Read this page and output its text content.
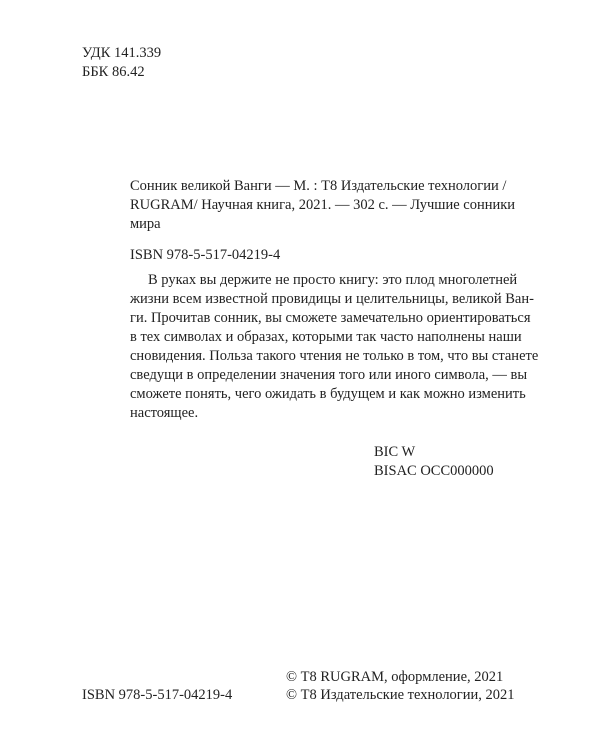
УДК 141.339
ББК 86.42
Сонник великой Ванги — М. : Т8 Издательские технологии /
RUGRAM/ Научная книга, 2021. — 302 с. — Лучшие сонники
мира
ISBN 978-5-517-04219-4
В руках вы держите не просто книгу: это плод многолетней
жизни всем известной провидицы и целительницы, великой Ван-
ги. Прочитав сонник, вы сможете замечательно ориентироваться
в тех символах и образах, которыми так часто наполнены наши
сновидения. Польза такого чтения не только в том, что вы станете
сведущи в определении значения того или иного символа, — вы
сможете понять, чего ожидать в будущем и как можно изменить
настоящее.
BIC W
BISAC OCC000000
© Т8 RUGRAM, оформление, 2021
© Т8 Издательские технологии, 2021
ISBN 978-5-517-04219-4
